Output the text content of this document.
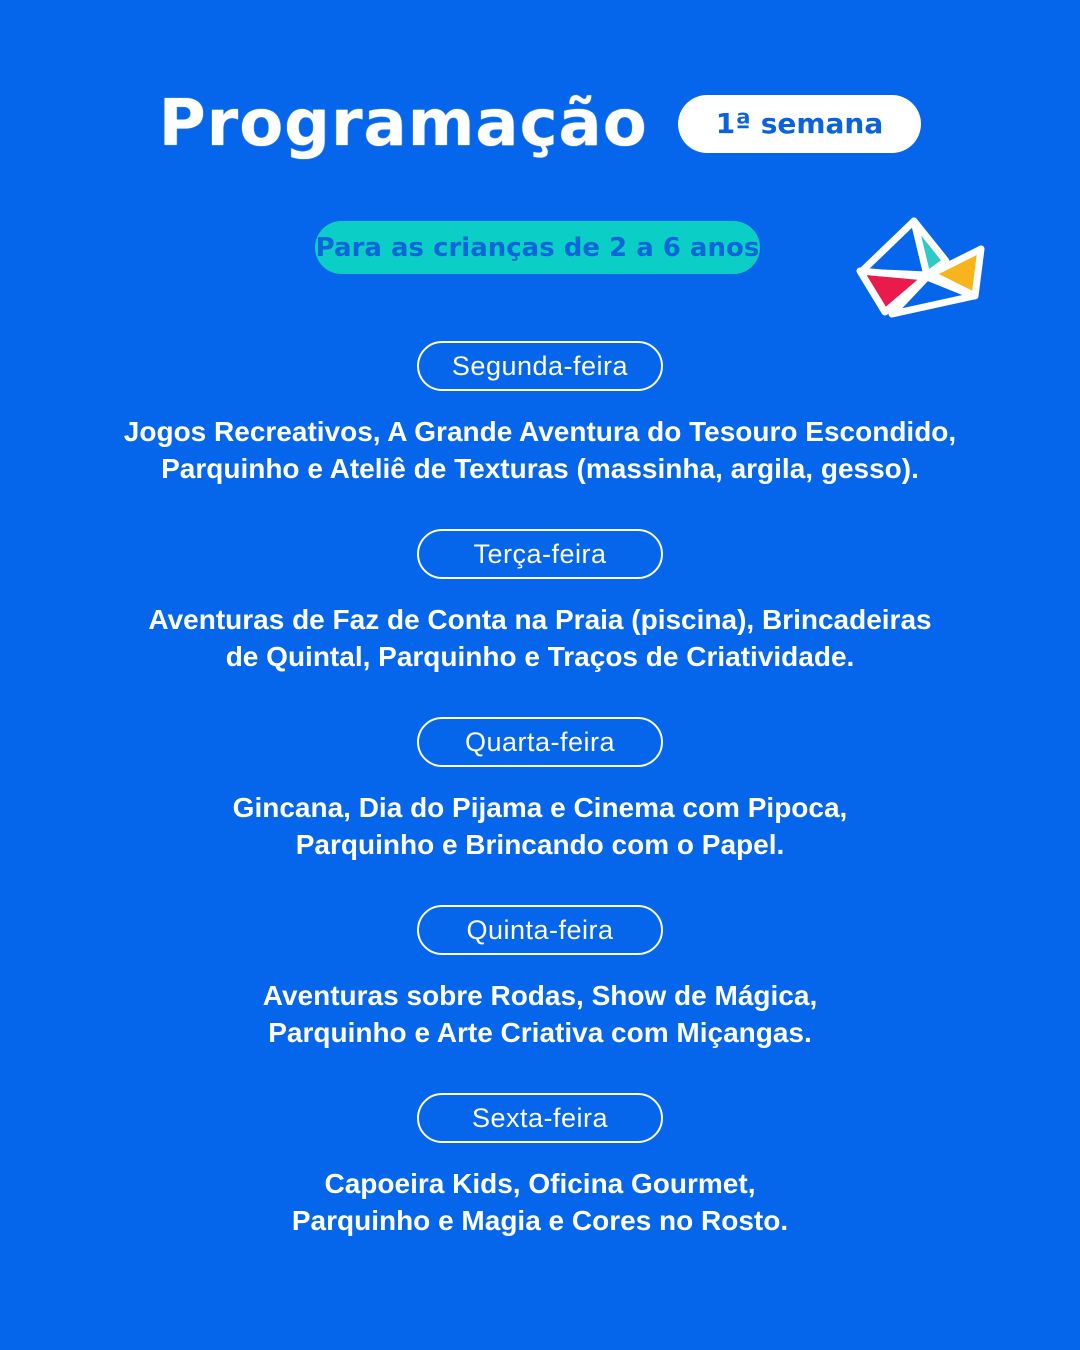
Programação	1ª semana
Para as crianças de 2 a 6 anos
Segunda-feira

Jogos Recreativos, A Grande Aventura do Tesouro Escondido,
Parquinho e Ateliê de Texturas (massinha, argila, gesso).

Terça-feira

Aventuras de Faz de Conta na Praia (piscina), Brincadeiras
de Quintal, Parquinho e Traços de Criatividade.

Quarta-feira

Gincana, Dia do Pijama e Cinema com Pipoca,
Parquinho e Brincando com o Papel.

Quinta-feira

Aventuras sobre Rodas, Show de Mágica,
Parquinho e Arte Criativa com Miçangas.

Sexta-feira

Capoeira Kids, Oficina Gourmet,
Parquinho e Magia e Cores no Rosto.
